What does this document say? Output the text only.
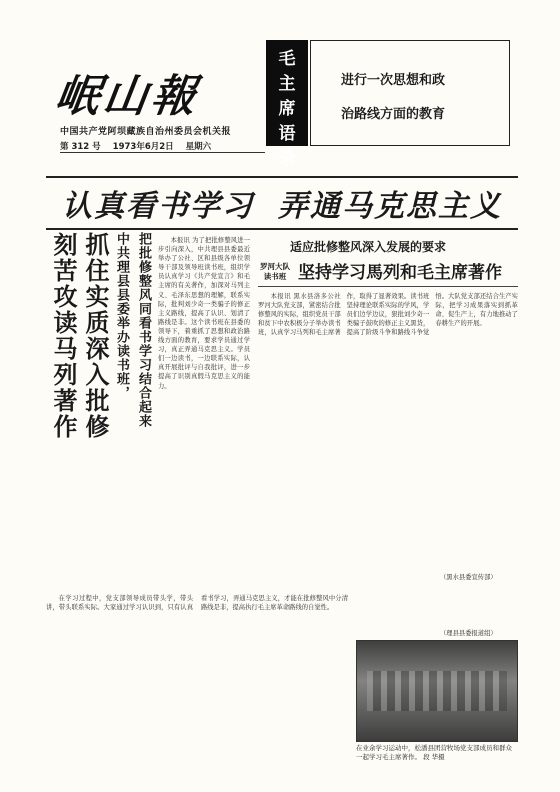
岷山報
中国共产党阿坝藏族自治州委员会机关报
第 312 号 1973年6月2日 星期六
毛
主
席
语
录
进行一次思想和政
治路线方面的教育
认真看书学习 弄通马克思主义
刻苦攻读马列著作 抓住实质深入批修 中共理县县委举办读书班， 把批修整风同看书学习结合起来	本报讯 为了把批修整风进一步引向深入，中共理县县委最近举办了公社、区和县级各单位领导干部及领导班读书班，组织学员认真学习《共产党宣言》和毛主席的有关著作，加深对马列主义、毛泽东思想的理解，联系实际，批判刘少奇一类骗子的修正主义路线，提高了认识、划清了路线是非。这个读书班在县委的领导下，着重抓了思想和政治路线方面的教育，要求学员通过学习，真正弄通马克思主义。学员们一边读书，一边联系实际，认真开展批评与自我批评，进一步提高了识别真假马克思主义的能力。

适应批修整风深入发展的要求
罗河大队读书班 坚持学习馬列和毛主席著作

本报讯 黑水县洛多公社罗河大队党支部，紧密结合批修整风的实际，组织党员干部和贫下中农积极分子举办读书班，认真学习马列和毛主席著作，取得了显著效果。读书班坚持理论联系实际的学风，学员们边学边议，狠批刘少奇一类骗子鼓吹的修正主义黑货，提高了阶级斗争和路线斗争觉悟。大队党支部还结合生产实际，把学习成果落实到抓革命、促生产上，有力地推动了春耕生产的开展。

（黑水县委宣传部）

在学习过程中，党支部领导成员带头学，带头讲，带头联系实际。大家通过学习认识到，只有认真看书学习，弄通马克思主义，才能在批修整风中分清路线是非，提高执行毛主席革命路线的自觉性。

（理县县委报道组）
在业余学习运动中，松潘县团营牧场党支部成员和群众一起学习毛主席著作。 段 华摄
